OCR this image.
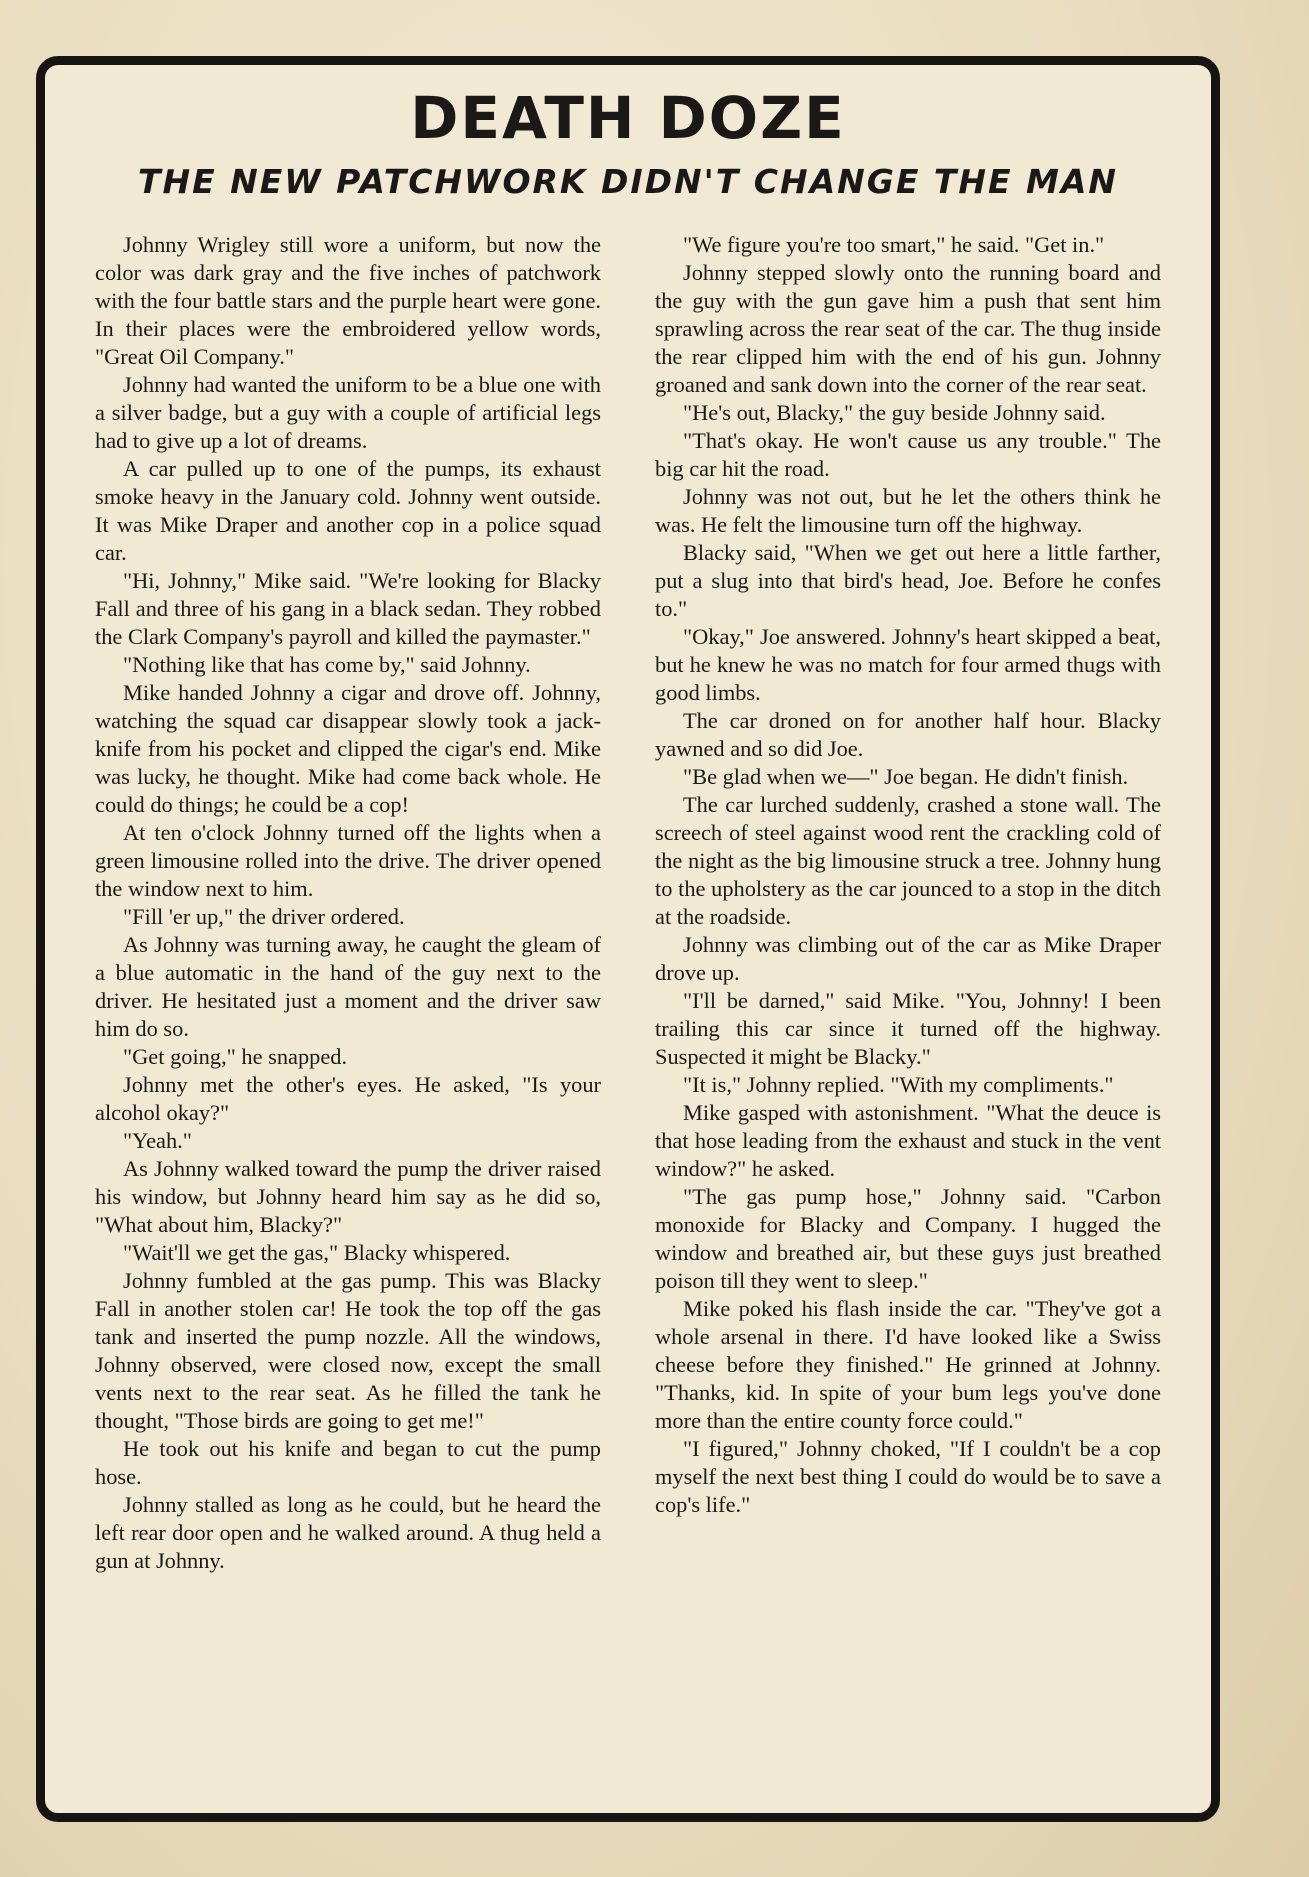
DEATH DOZE
THE NEW PATCHWORK DIDN'T CHANGE THE MAN

Johnny Wrigley still wore a uniform, but now the color was dark gray and the five inches of patchwork with the four battle stars and the purple heart were gone. In their places were the embroidered yellow words, "Great Oil Company."

Johnny had wanted the uniform to be a blue one with a silver badge, but a guy with a couple of artificial legs had to give up a lot of dreams.

A car pulled up to one of the pumps, its exhaust smoke heavy in the January cold. Johnny went outside. It was Mike Draper and another cop in a police squad car.

"Hi, Johnny," Mike said. "We're looking for Blacky Fall and three of his gang in a black sedan. They robbed the Clark Company's payroll and killed the paymaster."

"Nothing like that has come by," said Johnny.

Mike handed Johnny a cigar and drove off. Johnny, watching the squad car disappear slowly took a jack-knife from his pocket and clipped the cigar's end. Mike was lucky, he thought. Mike had come back whole. He could do things; he could be a cop!

At ten o'clock Johnny turned off the lights when a green limousine rolled into the drive. The driver opened the window next to him.

"Fill 'er up," the driver ordered.

As Johnny was turning away, he caught the gleam of a blue automatic in the hand of the guy next to the driver. He hesitated just a moment and the driver saw him do so.

"Get going," he snapped.

Johnny met the other's eyes. He asked, "Is your alcohol okay?"

"Yeah."

As Johnny walked toward the pump the driver raised his window, but Johnny heard him say as he did so, "What about him, Blacky?"

"Wait'll we get the gas," Blacky whispered.

Johnny fumbled at the gas pump. This was Blacky Fall in another stolen car! He took the top off the gas tank and inserted the pump nozzle. All the windows, Johnny observed, were closed now, except the small vents next to the rear seat. As he filled the tank he thought, "Those birds are going to get me!"

He took out his knife and began to cut the pump hose.

Johnny stalled as long as he could, but he heard the left rear door open and he walked around. A thug held a gun at Johnny.

"We figure you're too smart," he said. "Get in."

Johnny stepped slowly onto the running board and the guy with the gun gave him a push that sent him sprawling across the rear seat of the car. The thug inside the rear clipped him with the end of his gun. Johnny groaned and sank down into the corner of the rear seat.

"He's out, Blacky," the guy beside Johnny said.

"That's okay. He won't cause us any trouble." The big car hit the road.

Johnny was not out, but he let the others think he was. He felt the limousine turn off the highway.

Blacky said, "When we get out here a little farther, put a slug into that bird's head, Joe. Before he confes to."

"Okay," Joe answered. Johnny's heart skipped a beat, but he knew he was no match for four armed thugs with good limbs.

The car droned on for another half hour. Blacky yawned and so did Joe.

"Be glad when we—" Joe began. He didn't finish.

The car lurched suddenly, crashed a stone wall. The screech of steel against wood rent the crackling cold of the night as the big limousine struck a tree. Johnny hung to the upholstery as the car jounced to a stop in the ditch at the roadside.

Johnny was climbing out of the car as Mike Draper drove up.

"I'll be darned," said Mike. "You, Johnny! I been trailing this car since it turned off the highway. Suspected it might be Blacky."

"It is," Johnny replied. "With my compliments."

Mike gasped with astonishment. "What the deuce is that hose leading from the exhaust and stuck in the vent window?" he asked.

"The gas pump hose," Johnny said. "Carbon monoxide for Blacky and Company. I hugged the window and breathed air, but these guys just breathed poison till they went to sleep."

Mike poked his flash inside the car. "They've got a whole arsenal in there. I'd have looked like a Swiss cheese before they finished." He grinned at Johnny. "Thanks, kid. In spite of your bum legs you've done more than the entire county force could."

"I figured," Johnny choked, "If I couldn't be a cop myself the next best thing I could do would be to save a cop's life."
